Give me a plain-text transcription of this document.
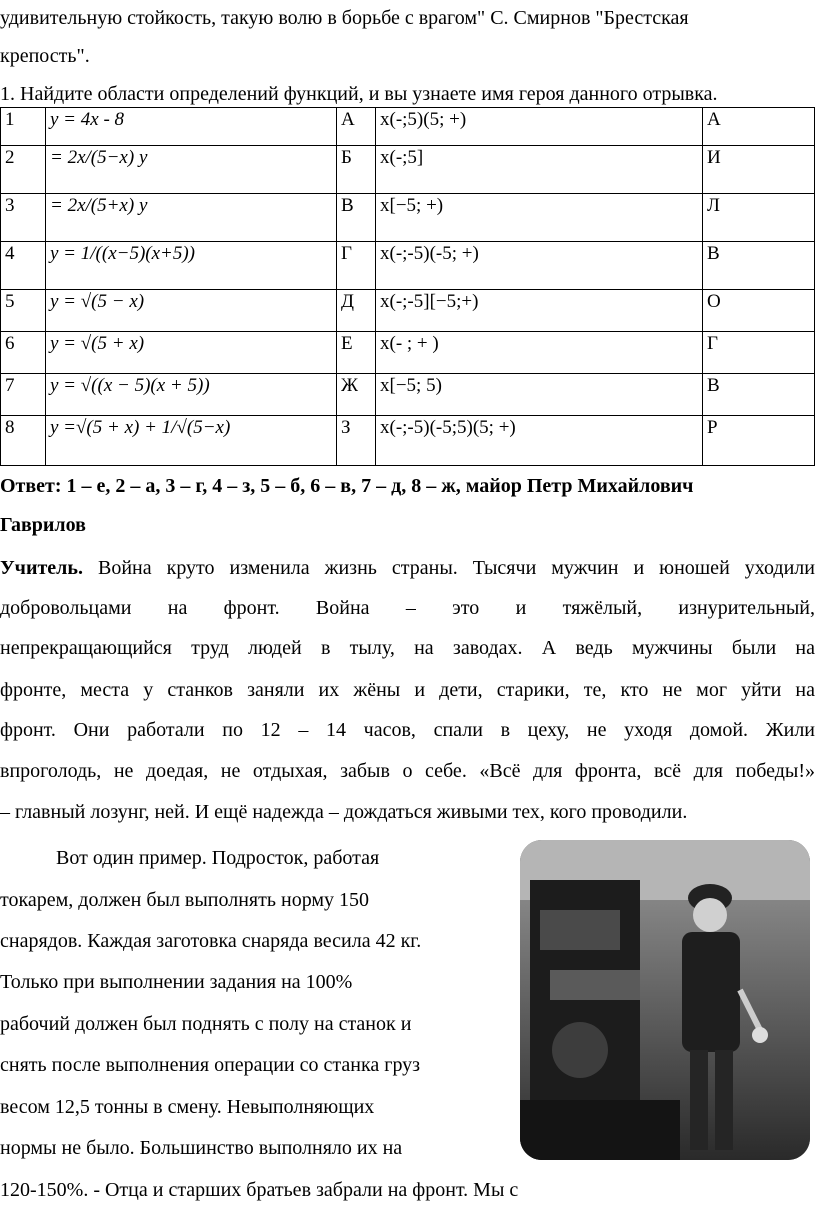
удивительную стойкость, такую волю в борьбе с врагом" С. Смирнов "Брестская
крепость".
1. Найдите области определений функций, и вы узнаете имя героя данного отрывка.
1	y = 4x - 8	А	x(-;5)(5; +)	А
2	= 2x/(5−x) y	Б	x(-;5]	И
3	= 2x/(5+x) y	В	x[−5; +)	Л
4	y = 1/((x−5)(x+5))	Г	x(-;-5)(-5; +)	В
5	y = √(5 − x)	Д	x(-;-5][−5;+)	О
6	y = √(5 + x)	Е	x(- ; + )	Г
7	y = √((x − 5)(x + 5))	Ж	x[−5; 5)	В
8	y =√(5 + x) + 1/√(5−x)	З	x(-;-5)(-5;5)(5; +)	Р
Ответ: 1 – е, 2 – а, 3 – г, 4 – з, 5 – б, 6 – в, 7 – д, 8 – ж, майор Петр Михайлович
Гаврилов
Учитель. Война круто изменила жизнь страны. Тысячи мужчин и юношей уходили
добровольцами на фронт. Война – это и тяжёлый, изнурительный,
непрекращающийся труд людей в тылу, на заводах. А ведь мужчины были на
фронте, места у станков заняли их жёны и дети, старики, те, кто не мог уйти на
фронт. Они работали по 12 – 14 часов, спали в цеху, не уходя домой. Жили
впроголодь, не доедая, не отдыхая, забыв о себе. «Всё для фронта, всё для победы!»
– главный лозунг, ней. И ещё надежда – дождаться живыми тех, кого проводили.
Вот один пример. Подросток, работая
токарем, должен был выполнять норму 150
снарядов. Каждая заготовка снаряда весила 42 кг.
Только при выполнении задания на 100%
рабочий должен был поднять с полу на станок и
снять после выполнения операции со станка груз
весом 12,5 тонны в смену. Невыполняющих
нормы не было. Большинство выполняло их на
120-150%. - Отца и старших братьев забрали на фронт. Мы с
